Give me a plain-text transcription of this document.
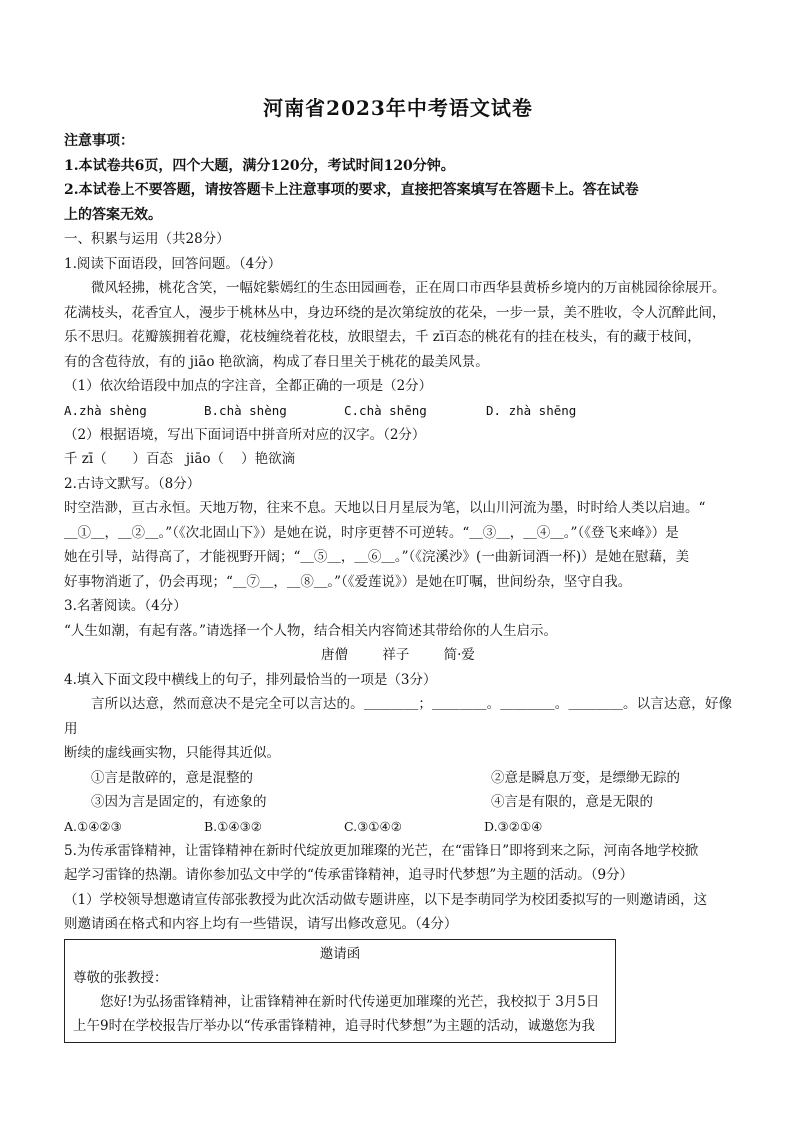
河南省2023年中考语文试卷

注意事项：

1.本试卷共6页，四个大题，满分120分，考试时间120分钟。

2.本试卷上不要答题，请按答题卡上注意事项的要求，直接把答案填写在答题卡上。答在试卷

上的答案无效。

一、积累与运用（共28分）

1.阅读下面语段，回答问题。（4分）

微风轻拂，桃花含笑，一幅姹紫嫣红的生态田园画卷，正在周口市西华县黄桥乡境内的万亩桃园徐徐展开。

花满枝头，花香宜人，漫步于桃林丛中，身边环绕的是次第绽放的花朵，一步一景，美不胜收，令人沉醉此间，

乐不思归。花瓣簇拥着花瓣，花枝缠绕着花枝，放眼望去，千 zī百态的桃花有的挂在枝头，有的藏于枝间，

有的含苞待放，有的 jiāo 艳欲滴，构成了春日里关于桃花的最美风景。

（1）依次给语段中加点的字注音，全都正确的一项是（2分）

A.zhà shèng	B.chà shèng	C.chà shēng	D. zhà shēng

（2）根据语境，写出下面词语中拼音所对应的汉字。（2分）

千 zī（      ）百态   jiāo（    ）艳欲滴

2.古诗文默写。（8分）

时空浩渺，亘古永恒。天地万物，往来不息。天地以日月星辰为笔，以山川河流为墨，时时给人类以启迪。“

＿①＿，＿②＿。”（《次北固山下》）是她在说，时序更替不可逆转。“＿③＿，＿④＿。”（《登飞来峰》）是

她在引导，站得高了，才能视野开阔；“＿⑤＿，＿⑥＿。”（《浣溪沙》(一曲新词酒一杯)）是她在慰藉，美

好事物消逝了，仍会再现；“＿⑦＿，＿⑧＿。”（《爱莲说》）是她在叮嘱，世间纷杂，坚守自我。

3.名著阅读。（4分）

“人生如潮，有起有落。”请选择一个人物，结合相关内容简述其带给你的人生启示。

唐僧	祥子	简·爱

4.填入下面文段中横线上的句子，排列最恰当的一项是（3分）

言所以达意，然而意决不是完全可以言达的。＿＿＿＿；＿＿＿＿。＿＿＿＿。＿＿＿＿。以言达意，好像用

断续的虚线画实物，只能得其近似。

①言是散碎的，意是混整的	②意是瞬息万变，是缥缈无踪的
③因为言是固定的，有迹象的	④言是有限的，意是无限的
A.①④②③	B.①④③②	C.③①④②	D.③②①④

5.为传承雷锋精神，让雷锋精神在新时代绽放更加璀璨的光芒，在“雷锋日”即将到来之际，河南各地学校掀

起学习雷锋的热潮。请你参加弘文中学的“传承雷锋精神，追寻时代梦想”为主题的活动。（9分）

（1）学校领导想邀请宣传部张教授为此次活动做专题讲座，以下是李萌同学为校团委拟写的一则邀请函，这

则邀请函在格式和内容上均有一些错误，请写出修改意见。（4分）

邀请函

尊敬的张教授：

您好!为弘扬雷锋精神，让雷锋精神在新时代传递更加璀璨的光芒，我校拟于 3月5日

上午9时在学校报告厅举办以“传承雷锋精神，追寻时代梦想”为主题的活动，诚邀您为我
